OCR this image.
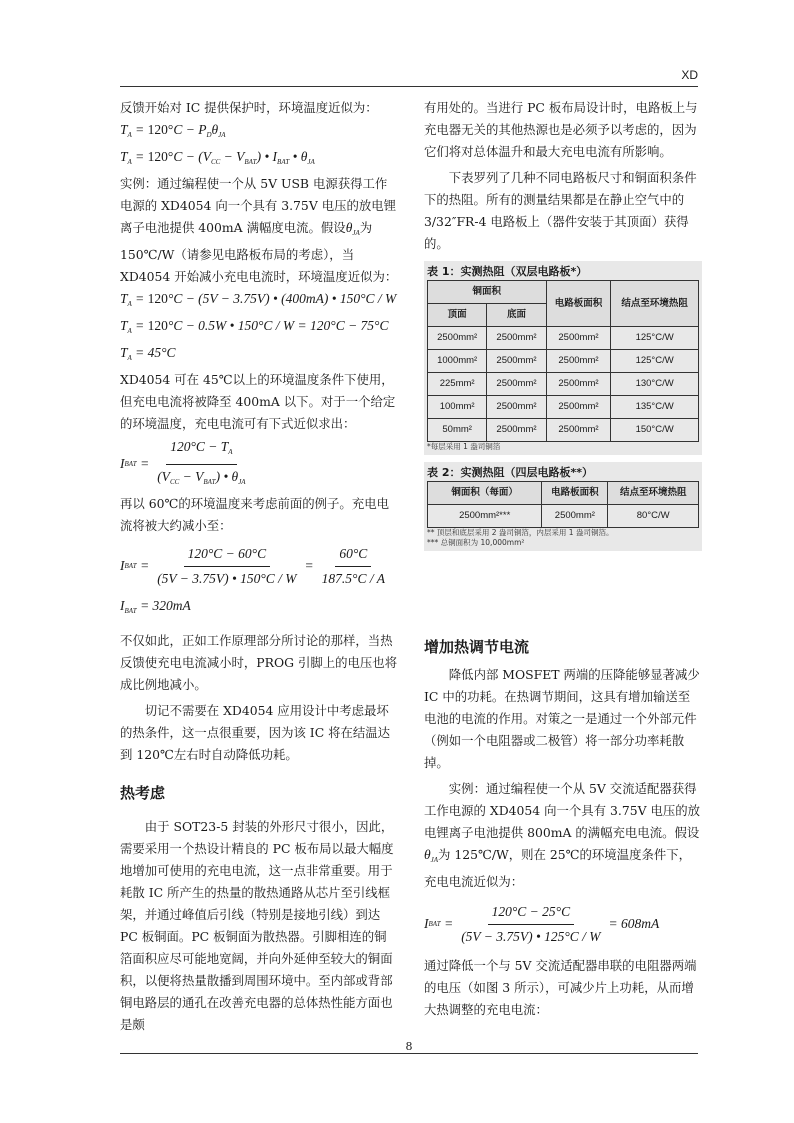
XD

反馈开始对 IC 提供保护时，环境温度近似为：

$T_A = 120^\circ C - P_D\theta_{JA}$
$T_A = 120^\circ C - (V_{CC} - V_{BAT})$ • $I_{BAT}$ • $\theta_{JA}$

实例：通过编程使一个从 5V USB 电源获得工作电源的 XD4054 向一个具有 3.75V 电压的放电锂离子电池提供 400mA 满幅度电流。假设$\theta_{JA}$为 150℃/W（请参见电路板布局的考虑），当 XD4054 开始减小充电电流时，环境温度近似为：

$T_A = 120^\circ C - (5V - 3.75V)$ • (400mA) • 150°C / W
$T_A = 120^\circ C - 0.5W$ • 150°C / W = 120°C − 75°C
$T_A = 45^\circ C$

XD4054 可在 45℃以上的环境温度条件下使用，但充电电流将被降至 400mA 以下。对于一个给定的环境温度，充电电流可有下式近似求出：

I BAT = $\frac{120^\circ C - T_A}{(V_{CC} - V_{BAT}) • \theta_{JA}}$

再以 60℃的环境温度来考虑前面的例子。充电电流将被大约减小至：

I BAT = $\frac{120^\circ C - 60^\circ C}{(5V - 3.75V) • 150^\circ C / W} = \frac{60^\circ C}{187.5^\circ C / A}$
$I_{BAT} = 320mA$

不仅如此，正如工作原理部分所讨论的那样，当热反馈使充电电流减小时，PROG 引脚上的电压也将成比例地减小。

切记不需要在 XD4054 应用设计中考虑最坏的热条件，这一点很重要，因为该 IC 将在结温达到 120℃左右时自动降低功耗。

热考虑

由于 SOT23-5 封装的外形尺寸很小，因此，需要采用一个热设计精良的 PC 板布局以最大幅度地增加可使用的充电电流，这一点非常重要。用于耗散 IC 所产生的热量的散热通路从芯片至引线框架，并通过峰值后引线（特别是接地引线）到达 PC 板铜面。PC 板铜面为散热器。引脚相连的铜箔面积应尽可能地宽阔，并向外延伸至较大的铜面积，以便将热量散播到周围环境中。至内部或背部铜电路层的通孔在改善充电器的总体热性能方面也是颇

有用处的。当进行 PC 板布局设计时，电路板上与充电器无关的其他热源也是必须予以考虑的，因为它们将对总体温升和最大充电电流有所影响。

下表罗列了几种不同电路板尺寸和铜面积条件下的热阻。所有的测量结果都是在静止空气中的 3/32″FR-4 电路板上（器件安装于其顶面）获得的。

表 1：实测热阻（双层电路板*）

铜面积		电路板面积	结点至环境热阻
顶面	底面		
2500mm²	2500mm²	2500mm²	125°C/W
1000mm²	2500mm²	2500mm²	125°C/W
225mm²	2500mm²	2500mm²	130°C/W
100mm²	2500mm²	2500mm²	135°C/W
50mm²	2500mm²	2500mm²	150°C/W
*每层采用 1 盎司铜箔

表 2：实测热阻（四层电路板**）

铜面积（每面）	电路板面积	结点至环境热阻
2500mm²***	2500mm²	80°C/W
** 顶层和底层采用 2 盎司铜箔，内层采用 1 盎司铜箔。
*** 总铜面积为 10,000mm²
增加热调节电流

降低内部 MOSFET 两端的压降能够显著减少 IC 中的功耗。在热调节期间，这具有增加输送至电池的电流的作用。对策之一是通过一个外部元件（例如一个电阻器或二极管）将一部分功率耗散掉。

实例：通过编程使一个从 5V 交流适配器获得工作电源的 XD4054 向一个具有 3.75V 电压的放电锂离子电池提供 800mA 的满幅充电电流。假设$\theta_{JA}$为 125℃/W，则在 25℃的环境温度条件下，充电电流近似为：

I BAT = $\frac{120^\circ C - 25^\circ C}{(5V - 3.75V) • 125^\circ C / W} = 608mA$

通过降低一个与 5V 交流适配器串联的电阻器两端的电压（如图 3 所示），可减少片上功耗，从而增大热调整的充电电流：

8
